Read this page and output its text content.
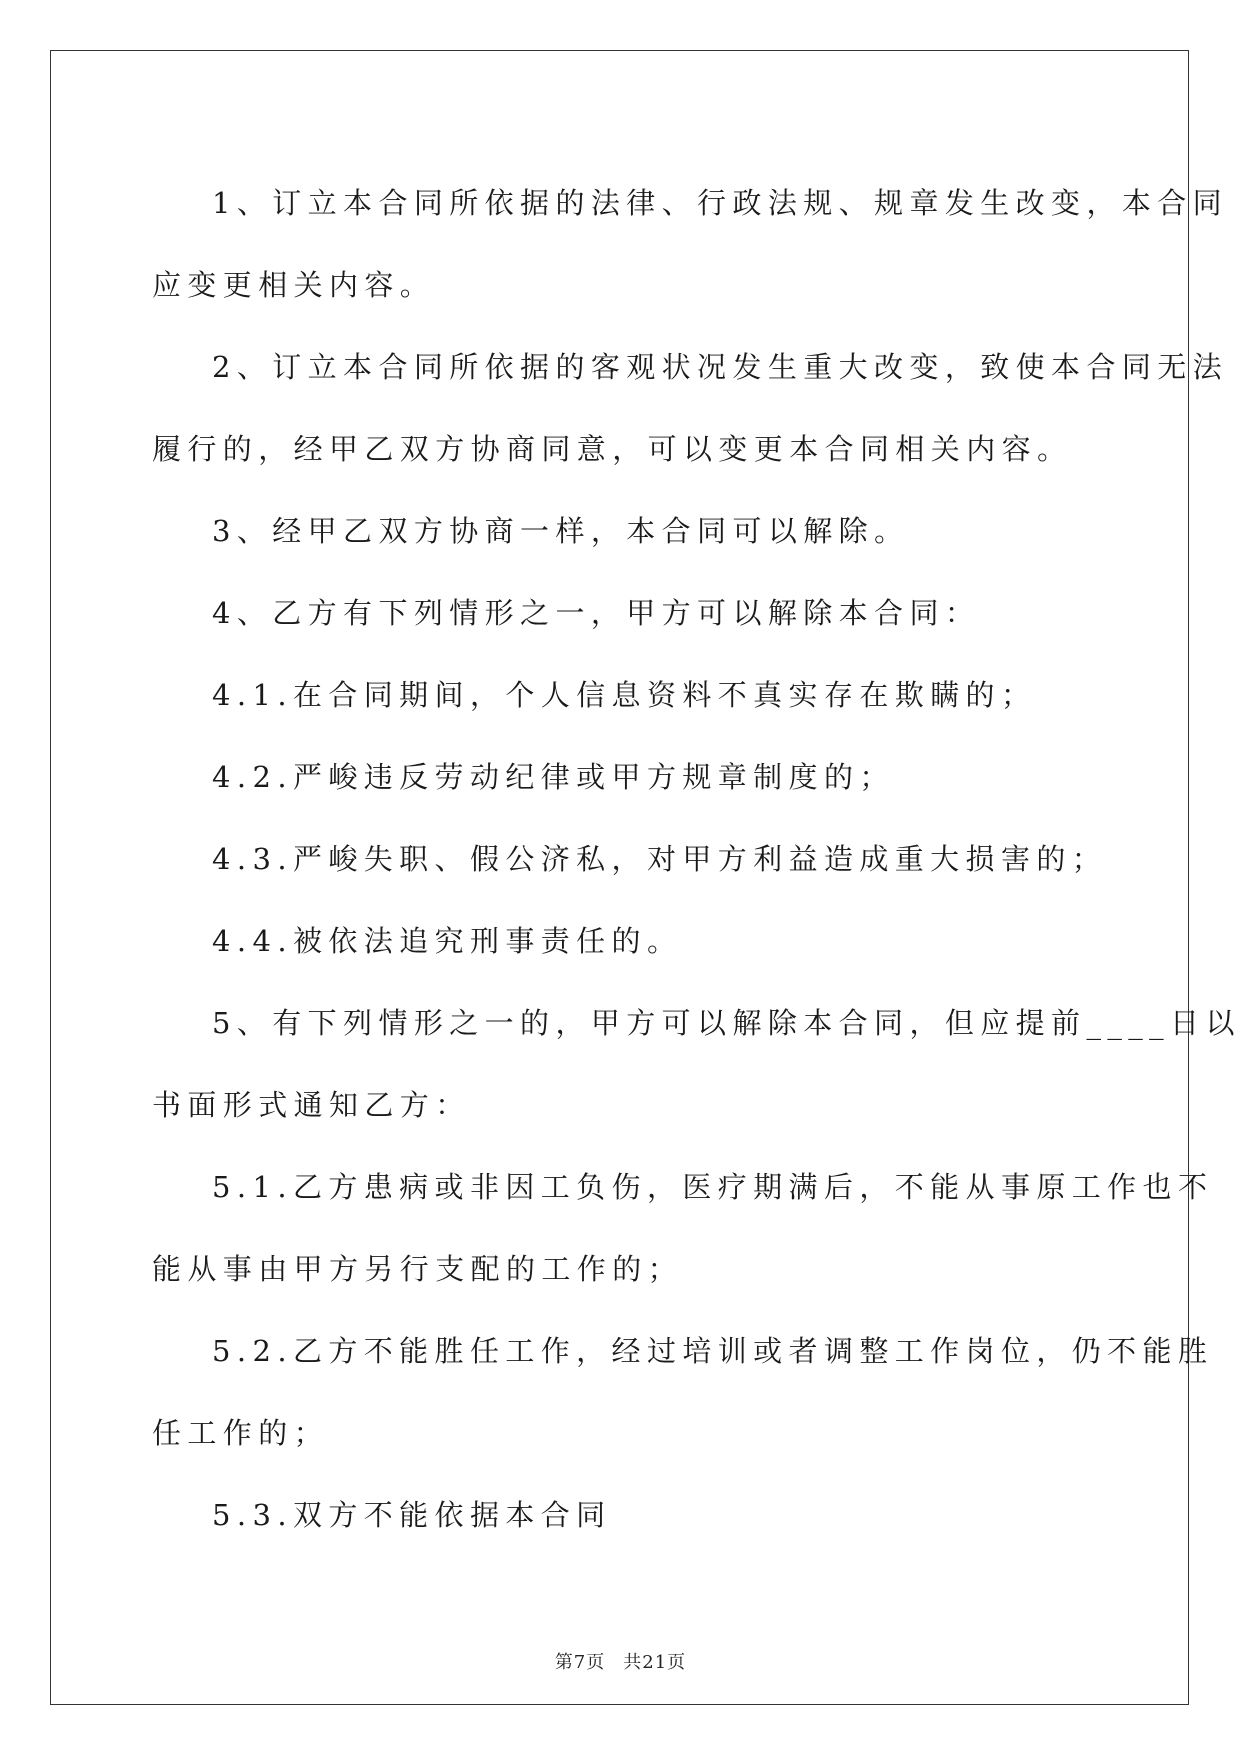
1、订立本合同所依据的法律、行政法规、规章发生改变，本合同

应变更相关内容。

2、订立本合同所依据的客观状况发生重大改变，致使本合同无法

履行的，经甲乙双方协商同意，可以变更本合同相关内容。

3、经甲乙双方协商一样，本合同可以解除。

4、乙方有下列情形之一，甲方可以解除本合同：

4.1.在合同期间，个人信息资料不真实存在欺瞒的；

4.2.严峻违反劳动纪律或甲方规章制度的；

4.3.严峻失职、假公济私，对甲方利益造成重大损害的；

4.4.被依法追究刑事责任的。

5、有下列情形之一的，甲方可以解除本合同，但应提前____日以

书面形式通知乙方：

5.1.乙方患病或非因工负伤，医疗期满后，不能从事原工作也不

能从事由甲方另行支配的工作的；

5.2.乙方不能胜任工作，经过培训或者调整工作岗位，仍不能胜

任工作的；

5.3.双方不能依据本合同

第7页 共21页
